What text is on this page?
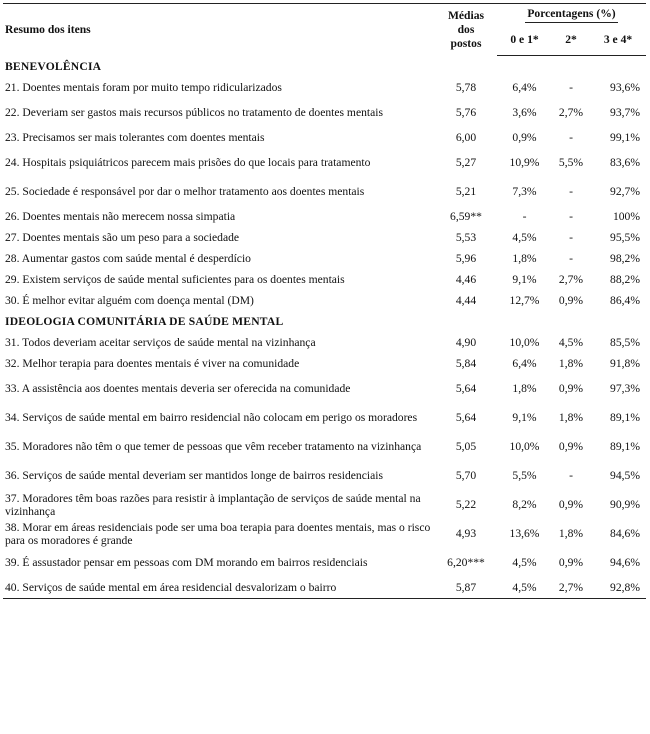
Resumo dos itens	Médias
dos
postos	Porcentagens (%)		
		0 e 1*	2*	3 e 4*
BENEVOLÊNCIA				
21. Doentes mentais foram por muito tempo ridicularizados	5,78	6,4%	-	93,6%
22. Deveriam ser gastos mais recursos públicos no tratamento de doentes mentais	5,76	3,6%	2,7%	93,7%
23. Precisamos ser mais tolerantes com doentes mentais	6,00	0,9%	-	99,1%
24. Hospitais psiquiátricos parecem mais prisões do que locais para tratamento	5,27	10,9%	5,5%	83,6%
25. Sociedade é responsável por dar o melhor tratamento aos doentes mentais	5,21	7,3%	-	92,7%
26. Doentes mentais não merecem nossa simpatia	6,59**	-	-	100%
27. Doentes mentais são um peso para a sociedade	5,53	4,5%	-	95,5%
28. Aumentar gastos com saúde mental é desperdício	5,96	1,8%	-	98,2%
29. Existem serviços de saúde mental suficientes para os doentes mentais	4,46	9,1%	2,7%	88,2%
30. É melhor evitar alguém com doença mental (DM)	4,44	12,7%	0,9%	86,4%
IDEOLOGIA COMUNITÁRIA DE SAÚDE MENTAL				
31. Todos deveriam aceitar serviços de saúde mental na vizinhança	4,90	10,0%	4,5%	85,5%
32. Melhor terapia para doentes mentais é viver na comunidade	5,84	6,4%	1,8%	91,8%
33. A assistência aos doentes mentais deveria ser oferecida na comunidade	5,64	1,8%	0,9%	97,3%
34. Serviços de saúde mental em bairro residencial não colocam em perigo os moradores	5,64	9,1%	1,8%	89,1%
35. Moradores não têm o que temer de pessoas que vêm receber tratamento na vizinhança	5,05	10,0%	0,9%	89,1%
36. Serviços de saúde mental deveriam ser mantidos longe de bairros residenciais	5,70	5,5%	-	94,5%
37. Moradores têm boas razões para resistir à implantação de serviços de saúde mental na vizinhança	5,22	8,2%	0,9%	90,9%
38. Morar em áreas residenciais pode ser uma boa terapia para doentes mentais, mas o risco para os moradores é grande	4,93	13,6%	1,8%	84,6%
39. É assustador pensar em pessoas com DM morando em bairros residenciais	6,20***	4,5%	0,9%	94,6%
40. Serviços de saúde mental em área residencial desvalorizam o bairro	5,87	4,5%	2,7%	92,8%
